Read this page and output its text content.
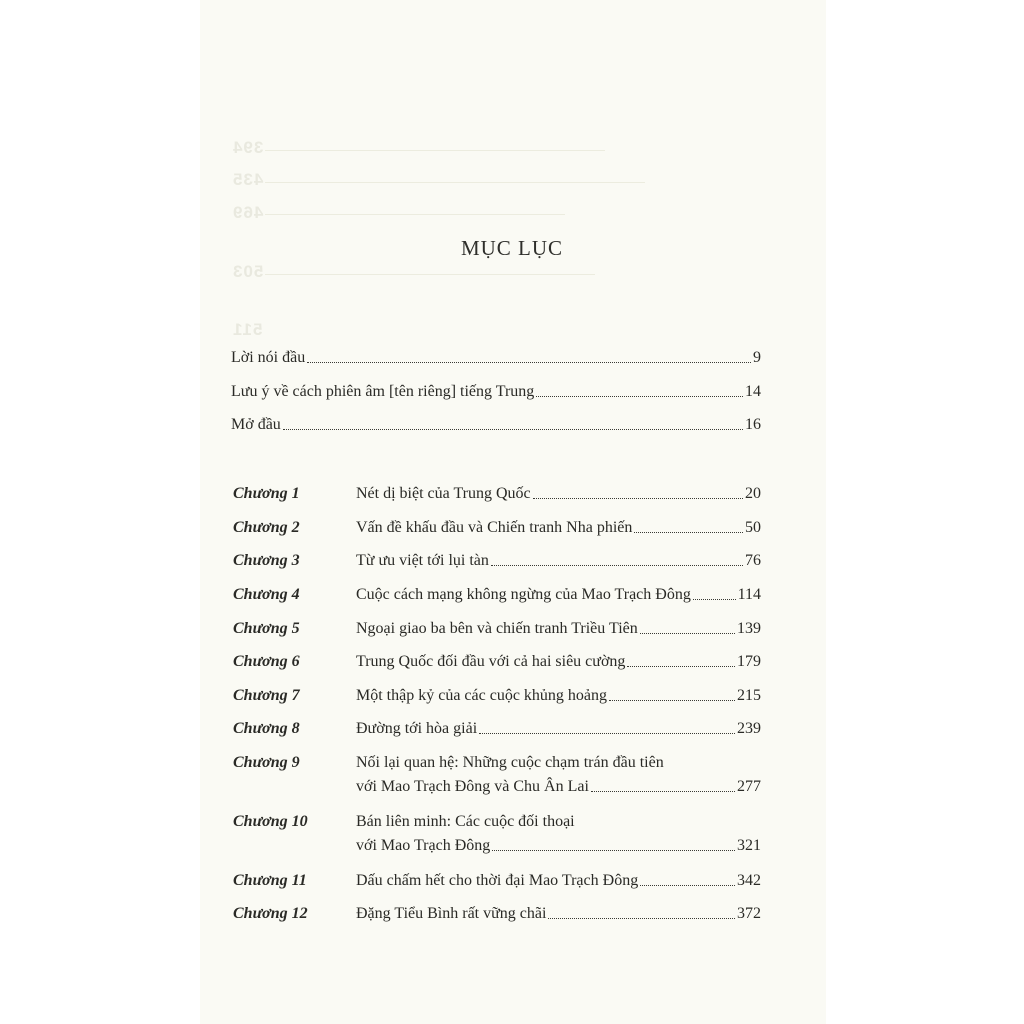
394
435
469
503
511
MỤC LỤC
Lời nói đầu	9
Lưu ý về cách phiên âm [tên riêng] tiếng Trung	14
Mở đầu	16
Chương 1	Nét dị biệt của Trung Quốc	20
Chương 2	Vấn đề khấu đầu và Chiến tranh Nha phiến	50
Chương 3	Từ ưu việt tới lụi tàn	76
Chương 4	Cuộc cách mạng không ngừng của Mao Trạch Đông	114
Chương 5	Ngoại giao ba bên và chiến tranh Triều Tiên	139
Chương 6	Trung Quốc đối đầu với cả hai siêu cường	179
Chương 7	Một thập kỷ của các cuộc khủng hoảng	215
Chương 8	Đường tới hòa giải	239
Chương 9	Nối lại quan hệ: Những cuộc chạm trán đầu tiên
với Mao Trạch Đông và Chu Ân Lai	277
Chương 10	Bán liên minh: Các cuộc đối thoại
với Mao Trạch Đông	321
Chương 11	Dấu chấm hết cho thời đại Mao Trạch Đông	342
Chương 12	Đặng Tiểu Bình rất vững chãi	372
